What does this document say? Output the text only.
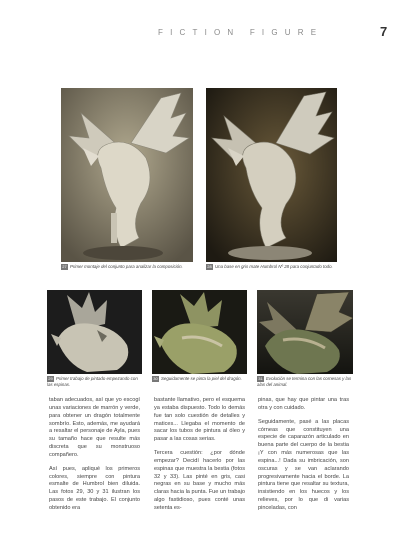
FICTION FIGURE	7
27 Primer montaje del conjunto para analizar la composición.	28 Una base en gris mate Humbrol Nº 28 para conjuntado todo.
29 Primer trabajo de pintado empezando con las espinas.
30 Seguidamente se pinta la piel del dragón.	31 Evolución se termina con las cornesas y las alas del animal.

taban adecuados, así que yo escogí unas variaciones de marrón y verde, para obtener un dragón totalmente sombrío. Esto, además, me ayudará a resaltar el personaje de Ayla, pues su tamaño hace que resulte más discreta que su monstruoso compañero.

Así pues, apliqué los primeros colores, siempre con pintura esmalte de Humbrol bien diluida. Las fotos 29, 30 y 31 ilustran los pasos de este trabajo. El conjunto obtenido era

bastante llamativo, pero el esquema ya estaba dispuesto. Todo lo demás fue tan solo cuestión de detalles y matices... Llegaba el momento de sacar los tubos de pintura al óleo y pasar a las cosas serias.

Tercera cuestión: ¿por dónde empezar? Decidí hacerlo por las espinas que muestra la bestia (fotos 32 y 33). Las pinté en gris, casi negras en su base y mucho más claras hacia la punta. Fue un trabajo algo fastidioso, pues conté unas setenta es-

pinas, que hay que pintar una tras otra y con cuidado.

Seguidamente, pasé a las placas córneas que constituyen una especie de caparazón articulado en buena parte del cuerpo de la bestia ¡Y con más numerosas que las espina...! Dada su imbricación, son oscuras y se van aclarando progresivamente hacia el borde. La pintura tiene que resaltar su textura, insistiendo en los huecos y los relieves, por lo que di varias pinceladas, con
